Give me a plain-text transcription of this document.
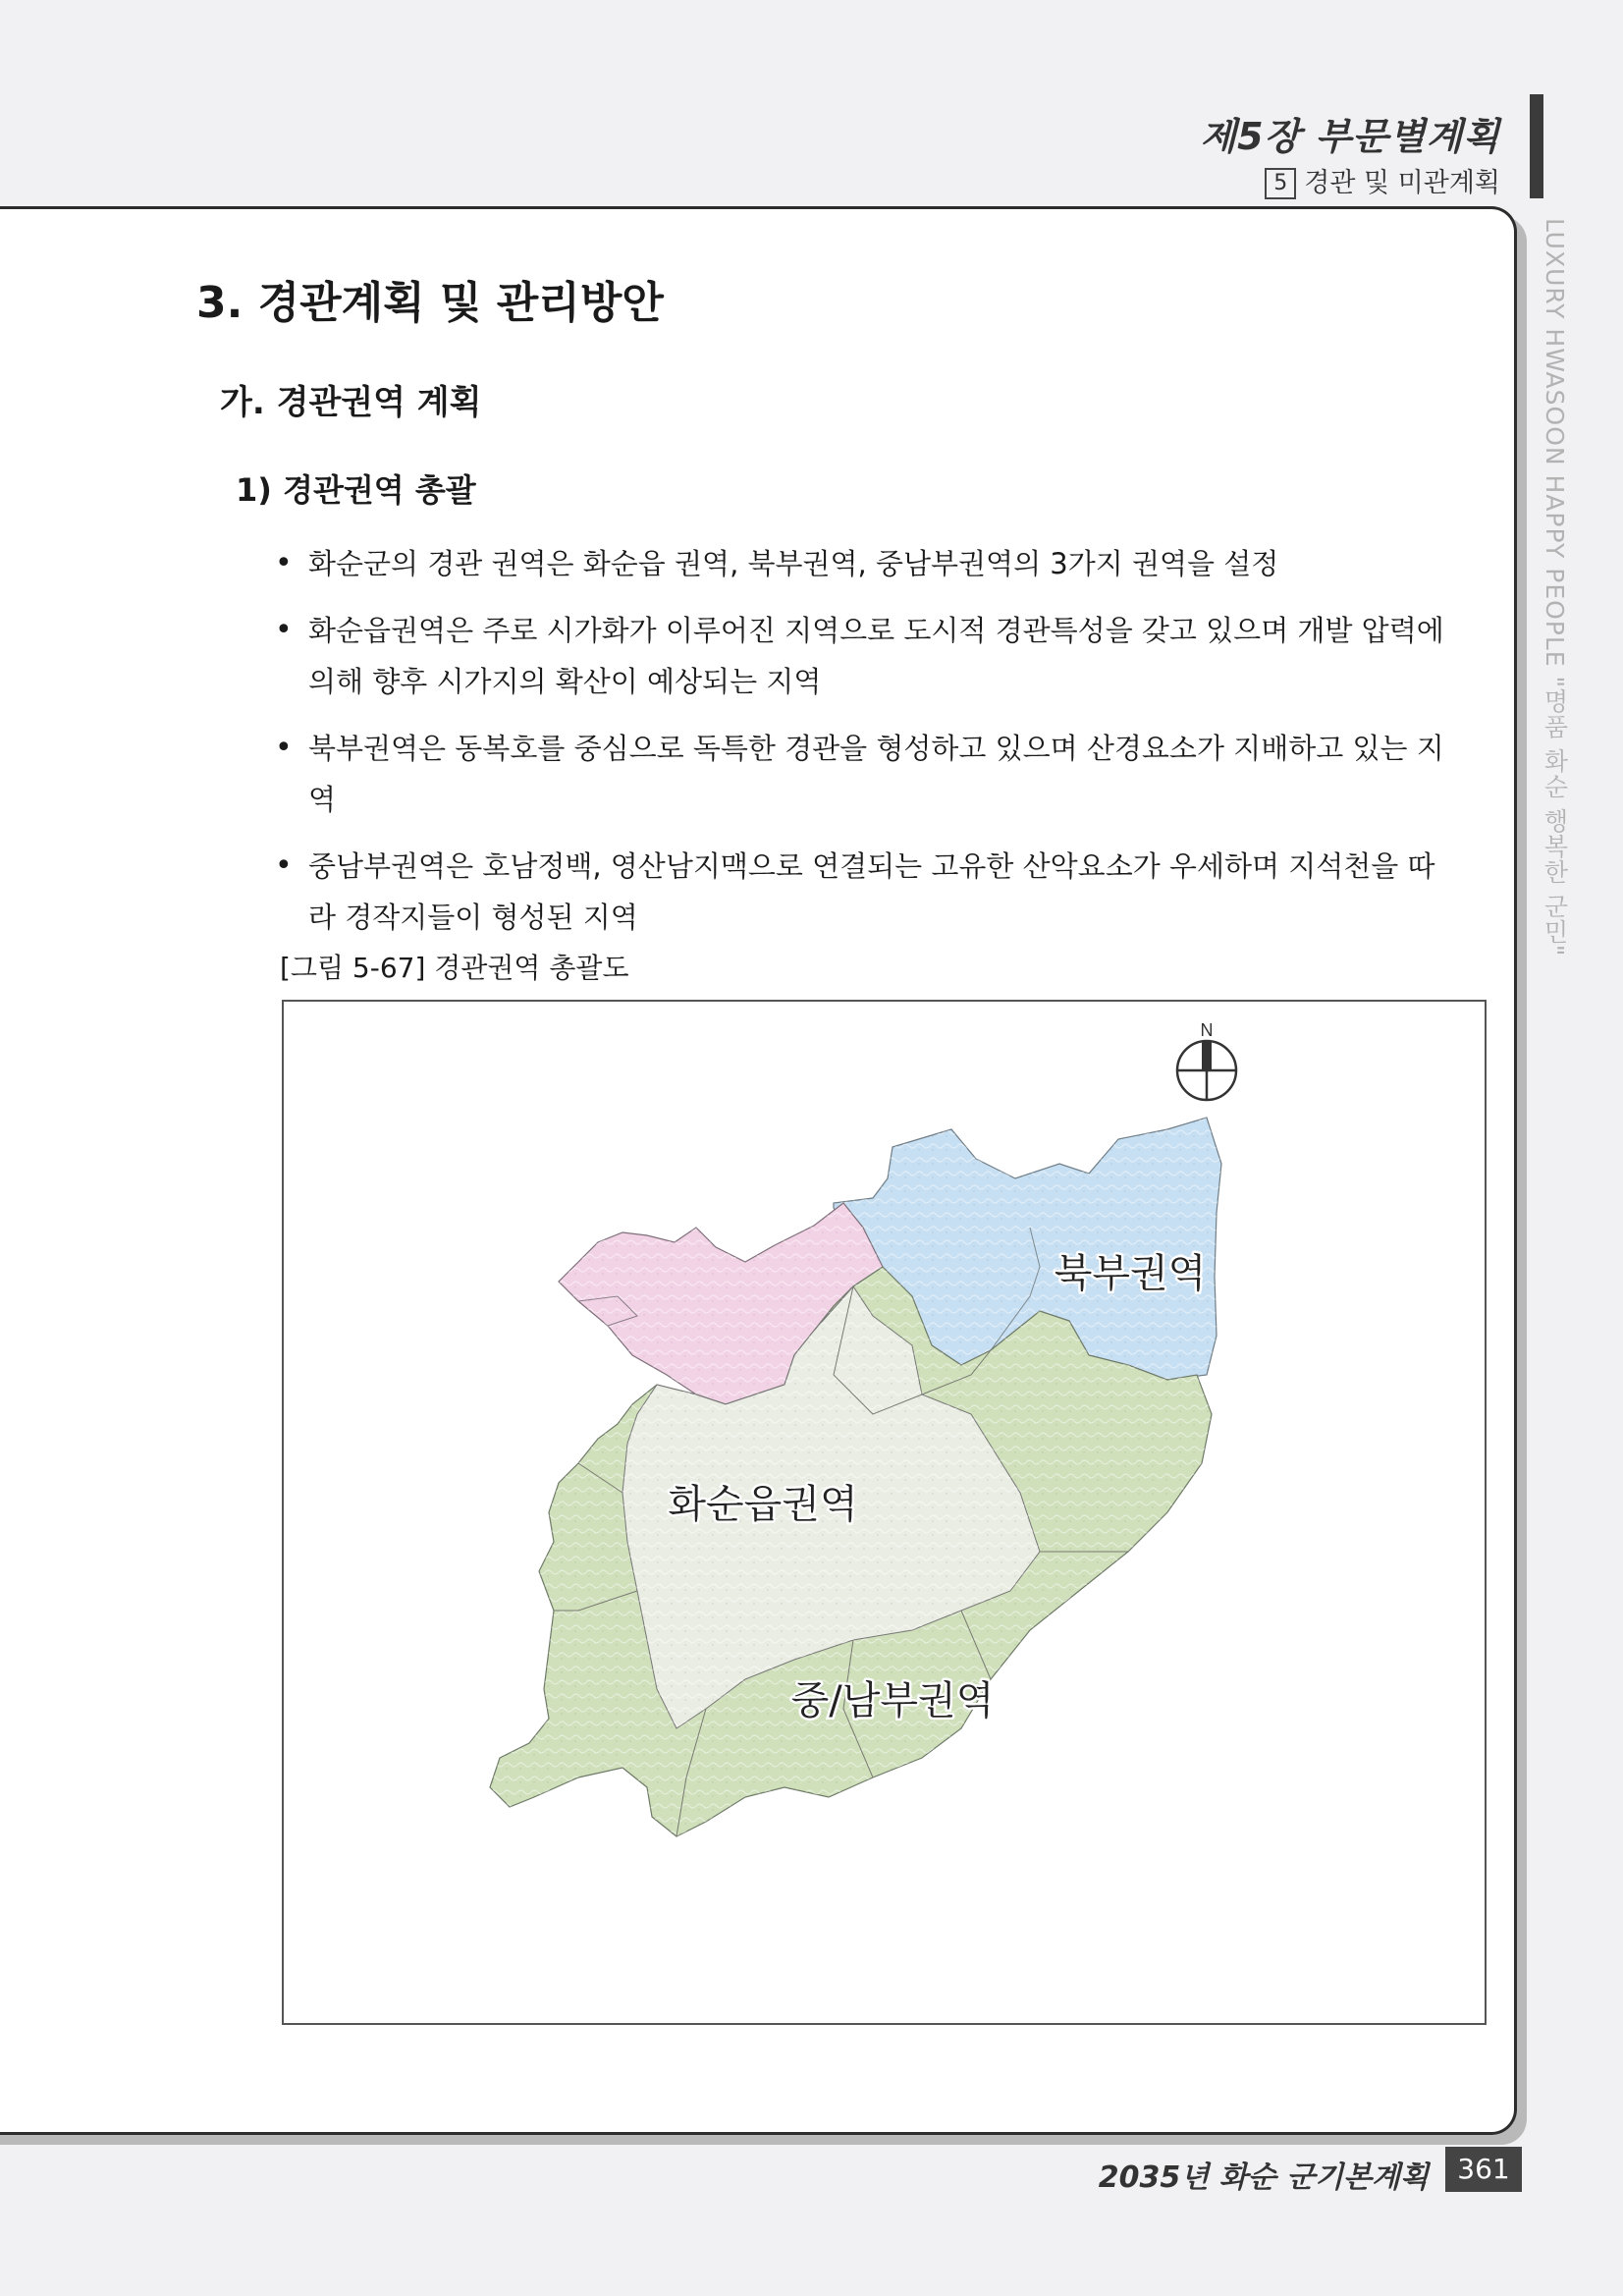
제5장 부문별계획
5 경관 및 미관계획
LUXURY HWASOON HAPPY PEOPLE "명품 화순 행복한 군민"
3. 경관계획 및 관리방안
가. 경관권역 계획
1) 경관권역 총괄
• 화순군의 경관 권역은 화순읍 권역, 북부권역, 중남부권역의 3가지 권역을 설정
• 화순읍권역은 주로 시가화가 이루어진 지역으로 도시적 경관특성을 갖고 있으며 개발 압력에 의해 향후 시가지의 확산이 예상되는 지역
• 북부권역은 동복호를 중심으로 독특한 경관을 형성하고 있으며 산경요소가 지배하고 있는 지역
• 중남부권역은 호남정백, 영산남지맥으로 연결되는 고유한 산악요소가 우세하며 지석천을 따라 경작지들이 형성된 지역
[그림 5-67] 경관권역 총괄도
N
북부권역
화순읍권역
중/남부권역
2035년 화순 군기본계획	361
